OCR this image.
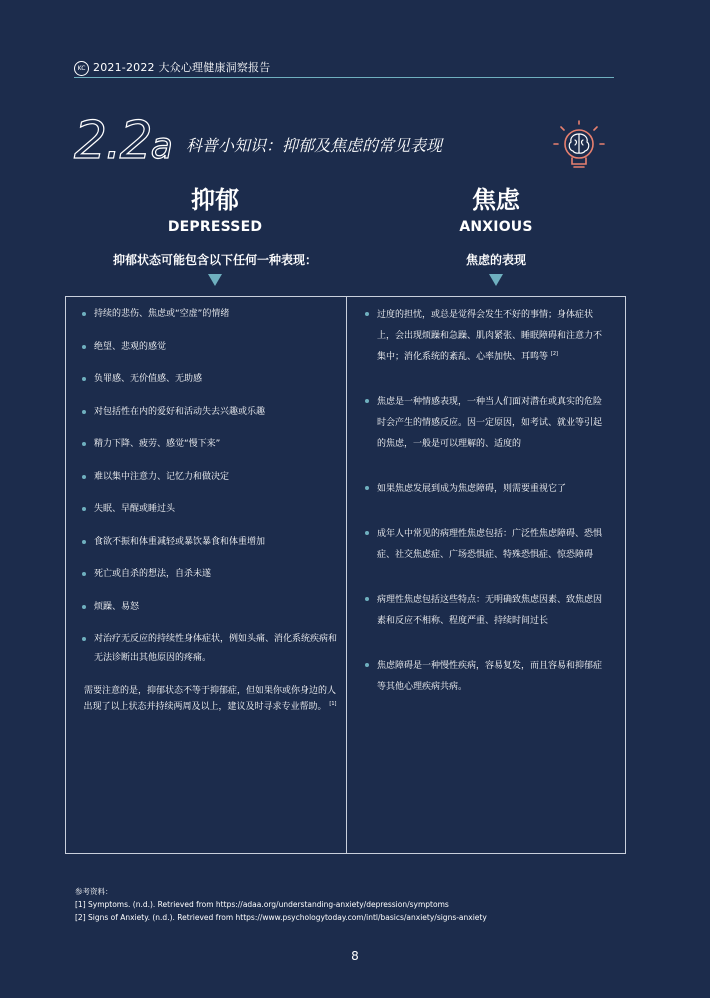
KC 2021-2022 大众心理健康洞察报告
2.2a 科普小知识：抑郁及焦虑的常见表现
抑郁
DEPRESSED
抑郁状态可能包含以下任何一种表现：
焦虑
ANXIOUS
焦虑的表现
持续的悲伤、焦虑或“空虚”的情绪
绝望、悲观的感觉
负罪感、无价值感、无助感
对包括性在内的爱好和活动失去兴趣或乐趣
精力下降、疲劳、感觉“慢下来”
难以集中注意力、记忆力和做决定
失眠、早醒或睡过头
食欲不振和体重减轻或暴饮暴食和体重增加
死亡或自杀的想法，自杀未遂
烦躁、易怒
对治疗无反应的持续性身体症状，例如头痛、消化系统疾病和无法诊断出其他原因的疼痛。
需要注意的是，抑郁状态不等于抑郁症，但如果你或你身边的人出现了以上状态并持续两周及以上，建议及时寻求专业帮助。 [1]
过度的担忧，或总是觉得会发生不好的事情；身体症状上，会出现烦躁和急躁、肌肉紧张、睡眠障碍和注意力不集中；消化系统的紊乱、心率加快、耳鸣等 [2]
焦虑是一种情感表现，一种当人们面对潜在或真实的危险时会产生的情感反应。因一定原因，如考试、就业等引起的焦虑，一般是可以理解的、适度的
如果焦虑发展到成为焦虑障碍，则需要重视它了
成年人中常见的病理性焦虑包括：广泛性焦虑障碍、恐惧症、社交焦虑症、广场恐惧症、特殊恐惧症、惊恐障碍
病理性焦虑包括这些特点：无明确致焦虑因素、致焦虑因素和反应不相称、程度严重、持续时间过长
焦虑障碍是一种慢性疾病，容易复发，而且容易和抑郁症等其他心理疾病共病。
参考资料：
[1] Symptoms. (n.d.). Retrieved from https://adaa.org/understanding-anxiety/depression/symptoms
[2] Signs of Anxiety. (n.d.). Retrieved from https://www.psychologytoday.com/intl/basics/anxiety/signs-anxiety
8
